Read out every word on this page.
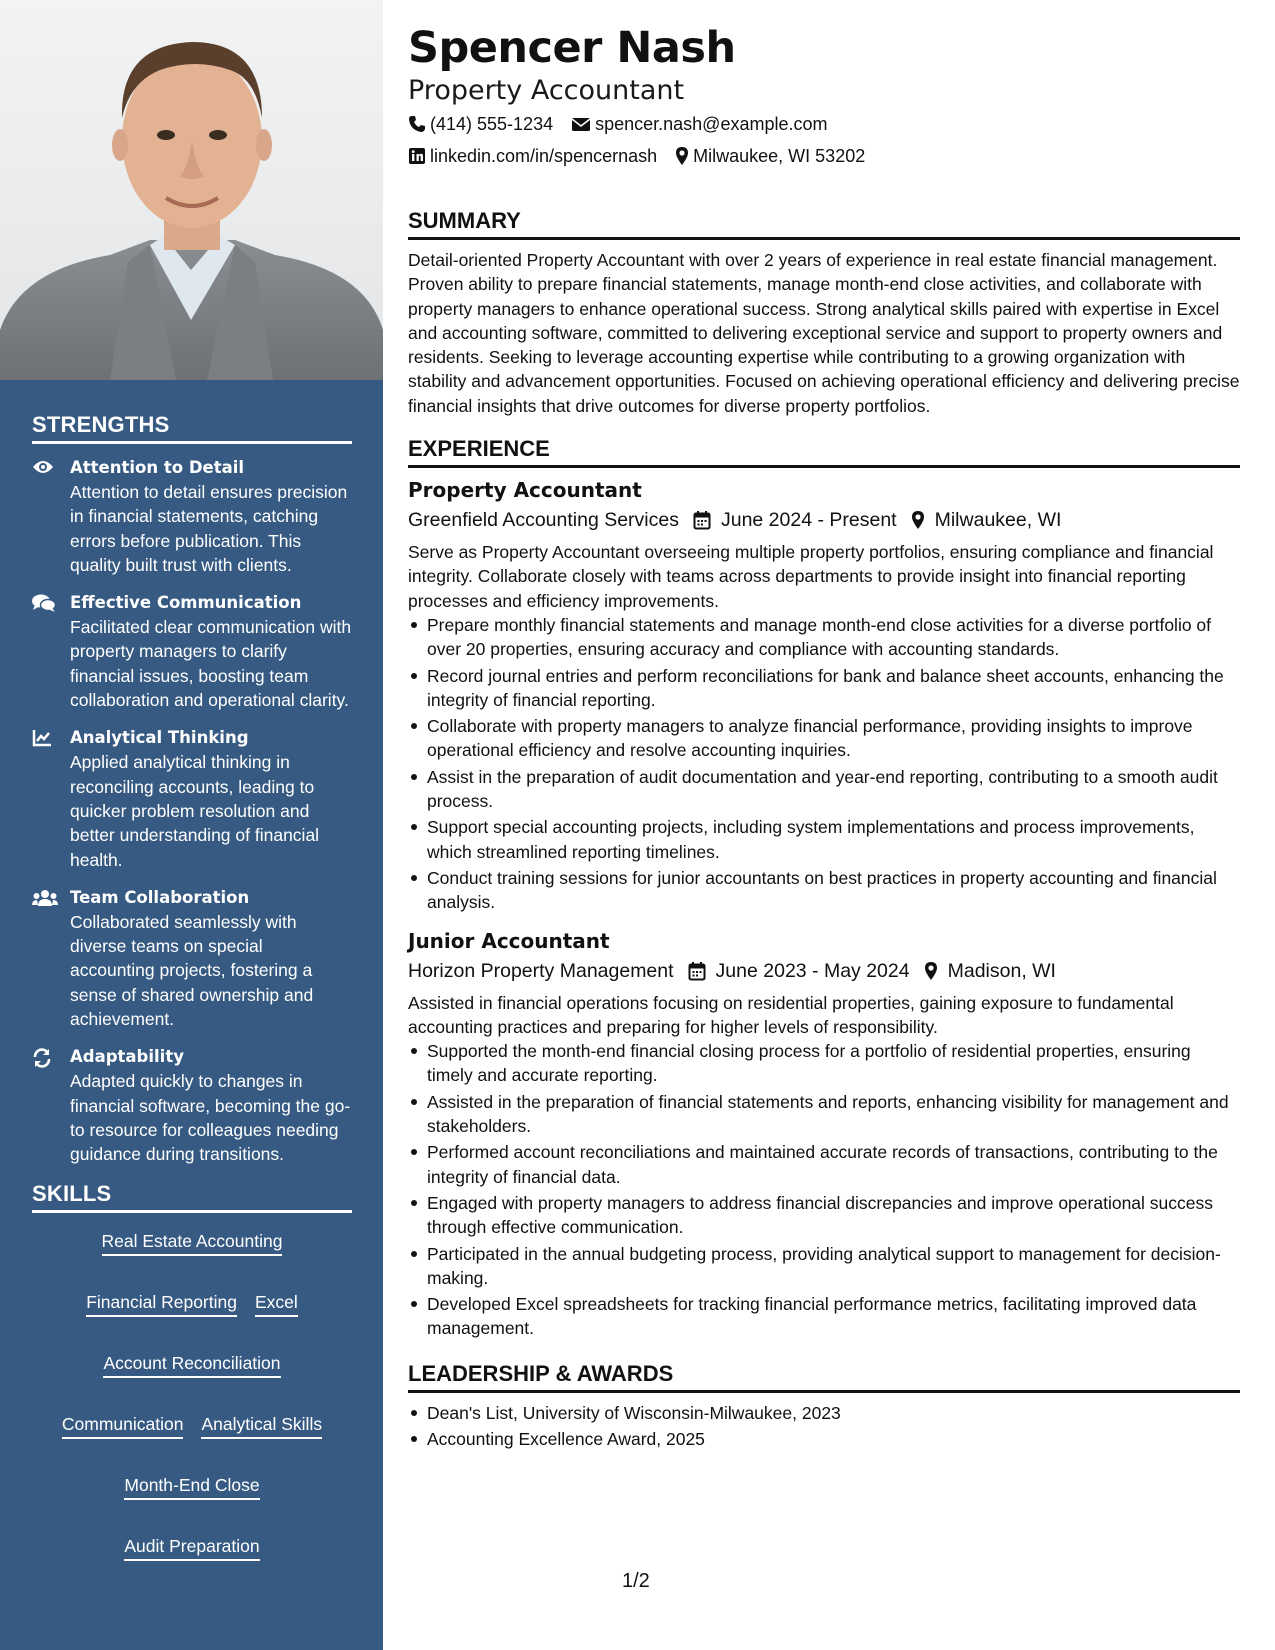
STRENGTHS
Attention to Detail
Attention to detail ensures precision in financial statements, catching errors before publication. This quality built trust with clients.
Effective Communication
Facilitated clear communication with property managers to clarify financial issues, boosting team collaboration and operational clarity.
Analytical Thinking
Applied analytical thinking in reconciling accounts, leading to quicker problem resolution and better understanding of financial health.
Team Collaboration
Collaborated seamlessly with diverse teams on special accounting projects, fostering a sense of shared ownership and achievement.
Adaptability
Adapted quickly to changes in financial software, becoming the go-to resource for colleagues needing guidance during transitions.
SKILLS
Real Estate Accounting
Financial Reporting Excel
Account Reconciliation
Communication Analytical Skills
Month-End Close
Audit Preparation
Spencer Nash
Property Accountant
(414) 555-1234 spencer.nash@example.com
linkedin.com/in/spencernash Milwaukee, WI 53202
SUMMARY
Detail-oriented Property Accountant with over 2 years of experience in real estate financial management. Proven ability to prepare financial statements, manage month-end close activities, and collaborate with property managers to enhance operational success. Strong analytical skills paired with expertise in Excel and accounting software, committed to delivering exceptional service and support to property owners and residents. Seeking to leverage accounting expertise while contributing to a growing organization with stability and advancement opportunities. Focused on achieving operational efficiency and delivering precise financial insights that drive outcomes for diverse property portfolios.
EXPERIENCE
Property Accountant
Greenfield Accounting Services June 2024 - Present Milwaukee, WI
Serve as Property Accountant overseeing multiple property portfolios, ensuring compliance and financial integrity. Collaborate closely with teams across departments to provide insight into financial reporting processes and efficiency improvements.
Prepare monthly financial statements and manage month-end close activities for a diverse portfolio of over 20 properties, ensuring accuracy and compliance with accounting standards.
Record journal entries and perform reconciliations for bank and balance sheet accounts, enhancing the integrity of financial reporting.
Collaborate with property managers to analyze financial performance, providing insights to improve operational efficiency and resolve accounting inquiries.
Assist in the preparation of audit documentation and year-end reporting, contributing to a smooth audit process.
Support special accounting projects, including system implementations and process improvements, which streamlined reporting timelines.
Conduct training sessions for junior accountants on best practices in property accounting and financial analysis.
Junior Accountant
Horizon Property Management June 2023 - May 2024 Madison, WI
Assisted in financial operations focusing on residential properties, gaining exposure to fundamental accounting practices and preparing for higher levels of responsibility.
Supported the month-end financial closing process for a portfolio of residential properties, ensuring timely and accurate reporting.
Assisted in the preparation of financial statements and reports, enhancing visibility for management and stakeholders.
Performed account reconciliations and maintained accurate records of transactions, contributing to the integrity of financial data.
Engaged with property managers to address financial discrepancies and improve operational success through effective communication.
Participated in the annual budgeting process, providing analytical support to management for decision-making.
Developed Excel spreadsheets for tracking financial performance metrics, facilitating improved data management.
LEADERSHIP & AWARDS
Dean's List, University of Wisconsin-Milwaukee, 2023
Accounting Excellence Award, 2025
1/2
